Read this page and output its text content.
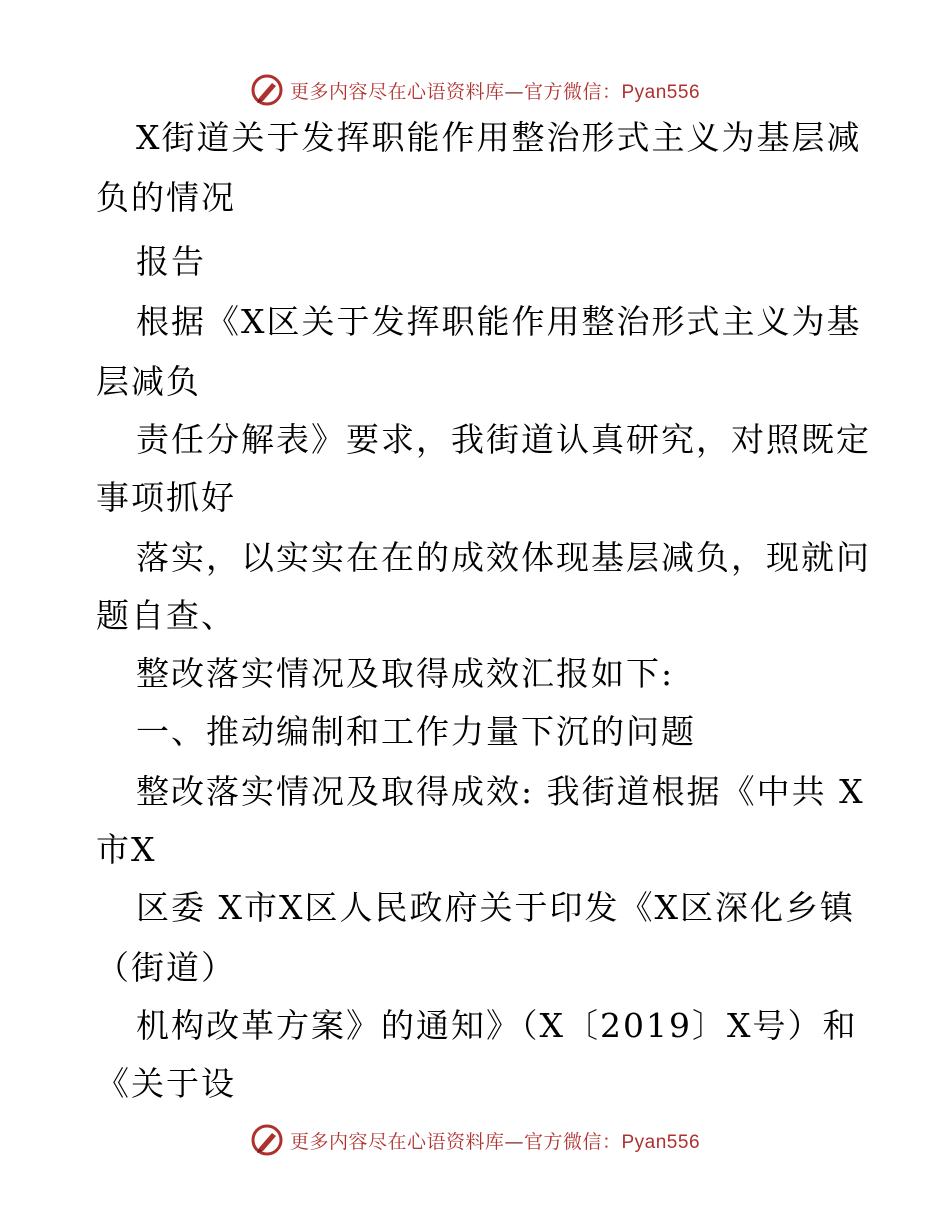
更多内容尽在心语资料库—官方微信：Pyan556
X街道关于发挥职能作用整治形式主义为基层减
负的情况
报告
根据《X区关于发挥职能作用整治形式主义为基
层减负
责任分解表》要求，我街道认真研究，对照既定
事项抓好
落实，以实实在在的成效体现基层减负，现就问
题自查、
整改落实情况及取得成效汇报如下:
一、推动编制和工作力量下沉的问题
整改落实情况及取得成效: 我街道根据《中共 X
市X
区委 X市X区人民政府关于印发《X区深化乡镇
（街道）
机构改革方案》的通知》（X〔2019〕X号）和
《关于设
更多内容尽在心语资料库—官方微信：Pyan556
